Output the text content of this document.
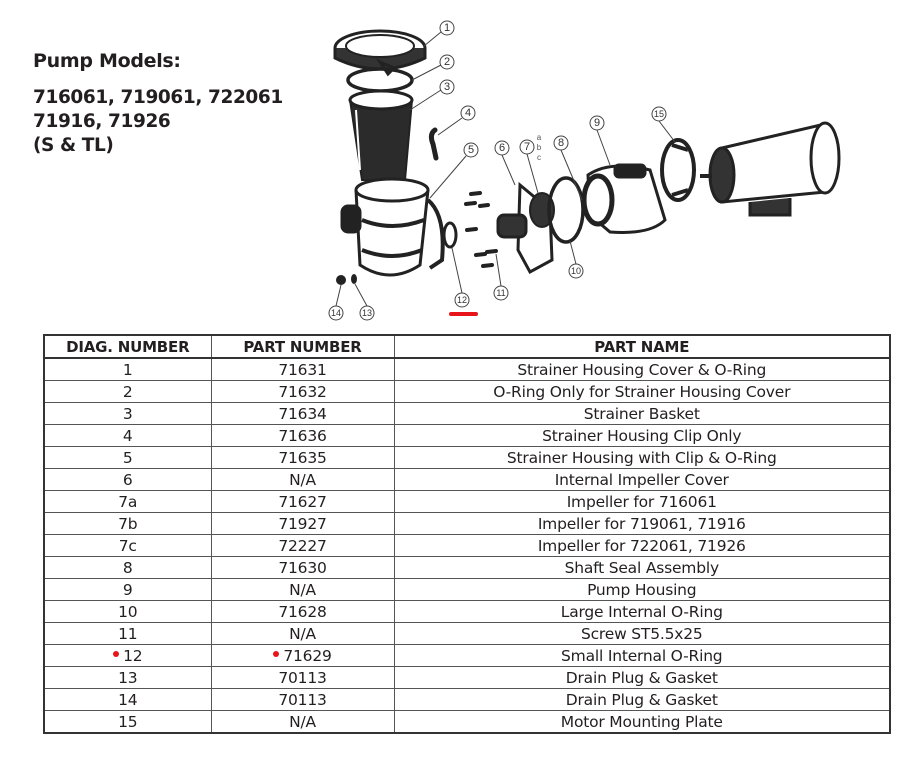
Pump Models:
716061, 719061, 722061
71916, 71926
(S & TL)
1
2
3
4
5 6 7
a
b
c
8
9
10
11
12
13
14
15
DIAG. NUMBER	PART NUMBER	PART NAME
1	71631	Strainer Housing Cover & O-Ring
2	71632	O-Ring Only for Strainer Housing Cover
3	71634	Strainer Basket
4	71636	Strainer Housing Clip Only
5	71635	Strainer Housing with Clip & O-Ring
6	N/A	Internal Impeller Cover
7a	71627	Impeller for 716061
7b	71927	Impeller for 719061, 71916
7c	72227	Impeller for 722061, 71926
8	71630	Shaft Seal Assembly
9	N/A	Pump Housing
10	71628	Large Internal O-Ring
11	N/A	Screw ST5.5x25
12	71629	Small Internal O-Ring
13	70113	Drain Plug & Gasket
14	70113	Drain Plug & Gasket
15	N/A	Motor Mounting Plate
